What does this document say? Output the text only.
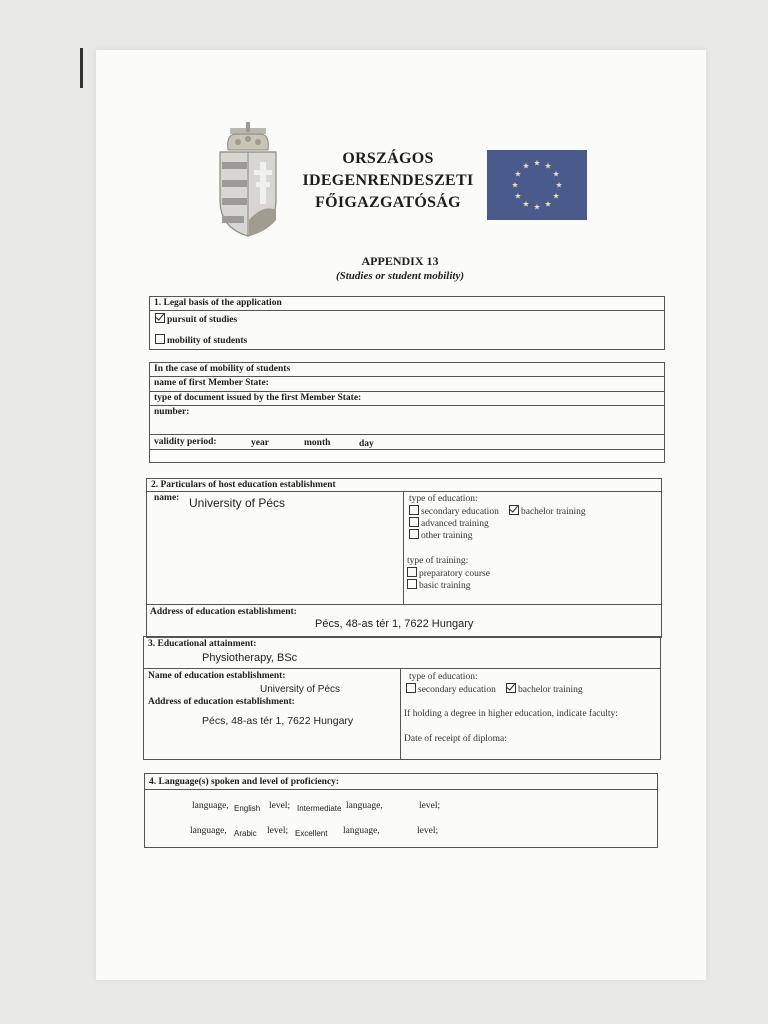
ORSZÁGOS
IDEGENRENDESZETI
FŐIGAZGATÓSÁG
APPENDIX 13
(Studies or student mobility)
1. Legal basis of the application
pursuit of studies
mobility of students
In the case of mobility of students
name of first Member State:
type of document issued by the first Member State:
number:
validity period:	year	month	day
2. Particulars of host education establishment
name: University of Pécs	type of education:
secondary education	bachelor training
advanced training
other training
type of training:
preparatory course
basic training
Address of education establishment:
Pécs, 48-as tér 1, 7622 Hungary
3. Educational attainment:
Physiotherapy, BSc
Name of education establishment:
University of Pécs
Address of education establishment:
Pécs, 48-as tér 1, 7622 Hungary
type of education:
secondary education	bachelor training
If holding a degree in higher education, indicate faculty:
Date of receipt of diploma:
4. Language(s) spoken and level of proficiency:
language, English level; Intermediate language,	level;
language, Arabic level; Excellent language,	level;
